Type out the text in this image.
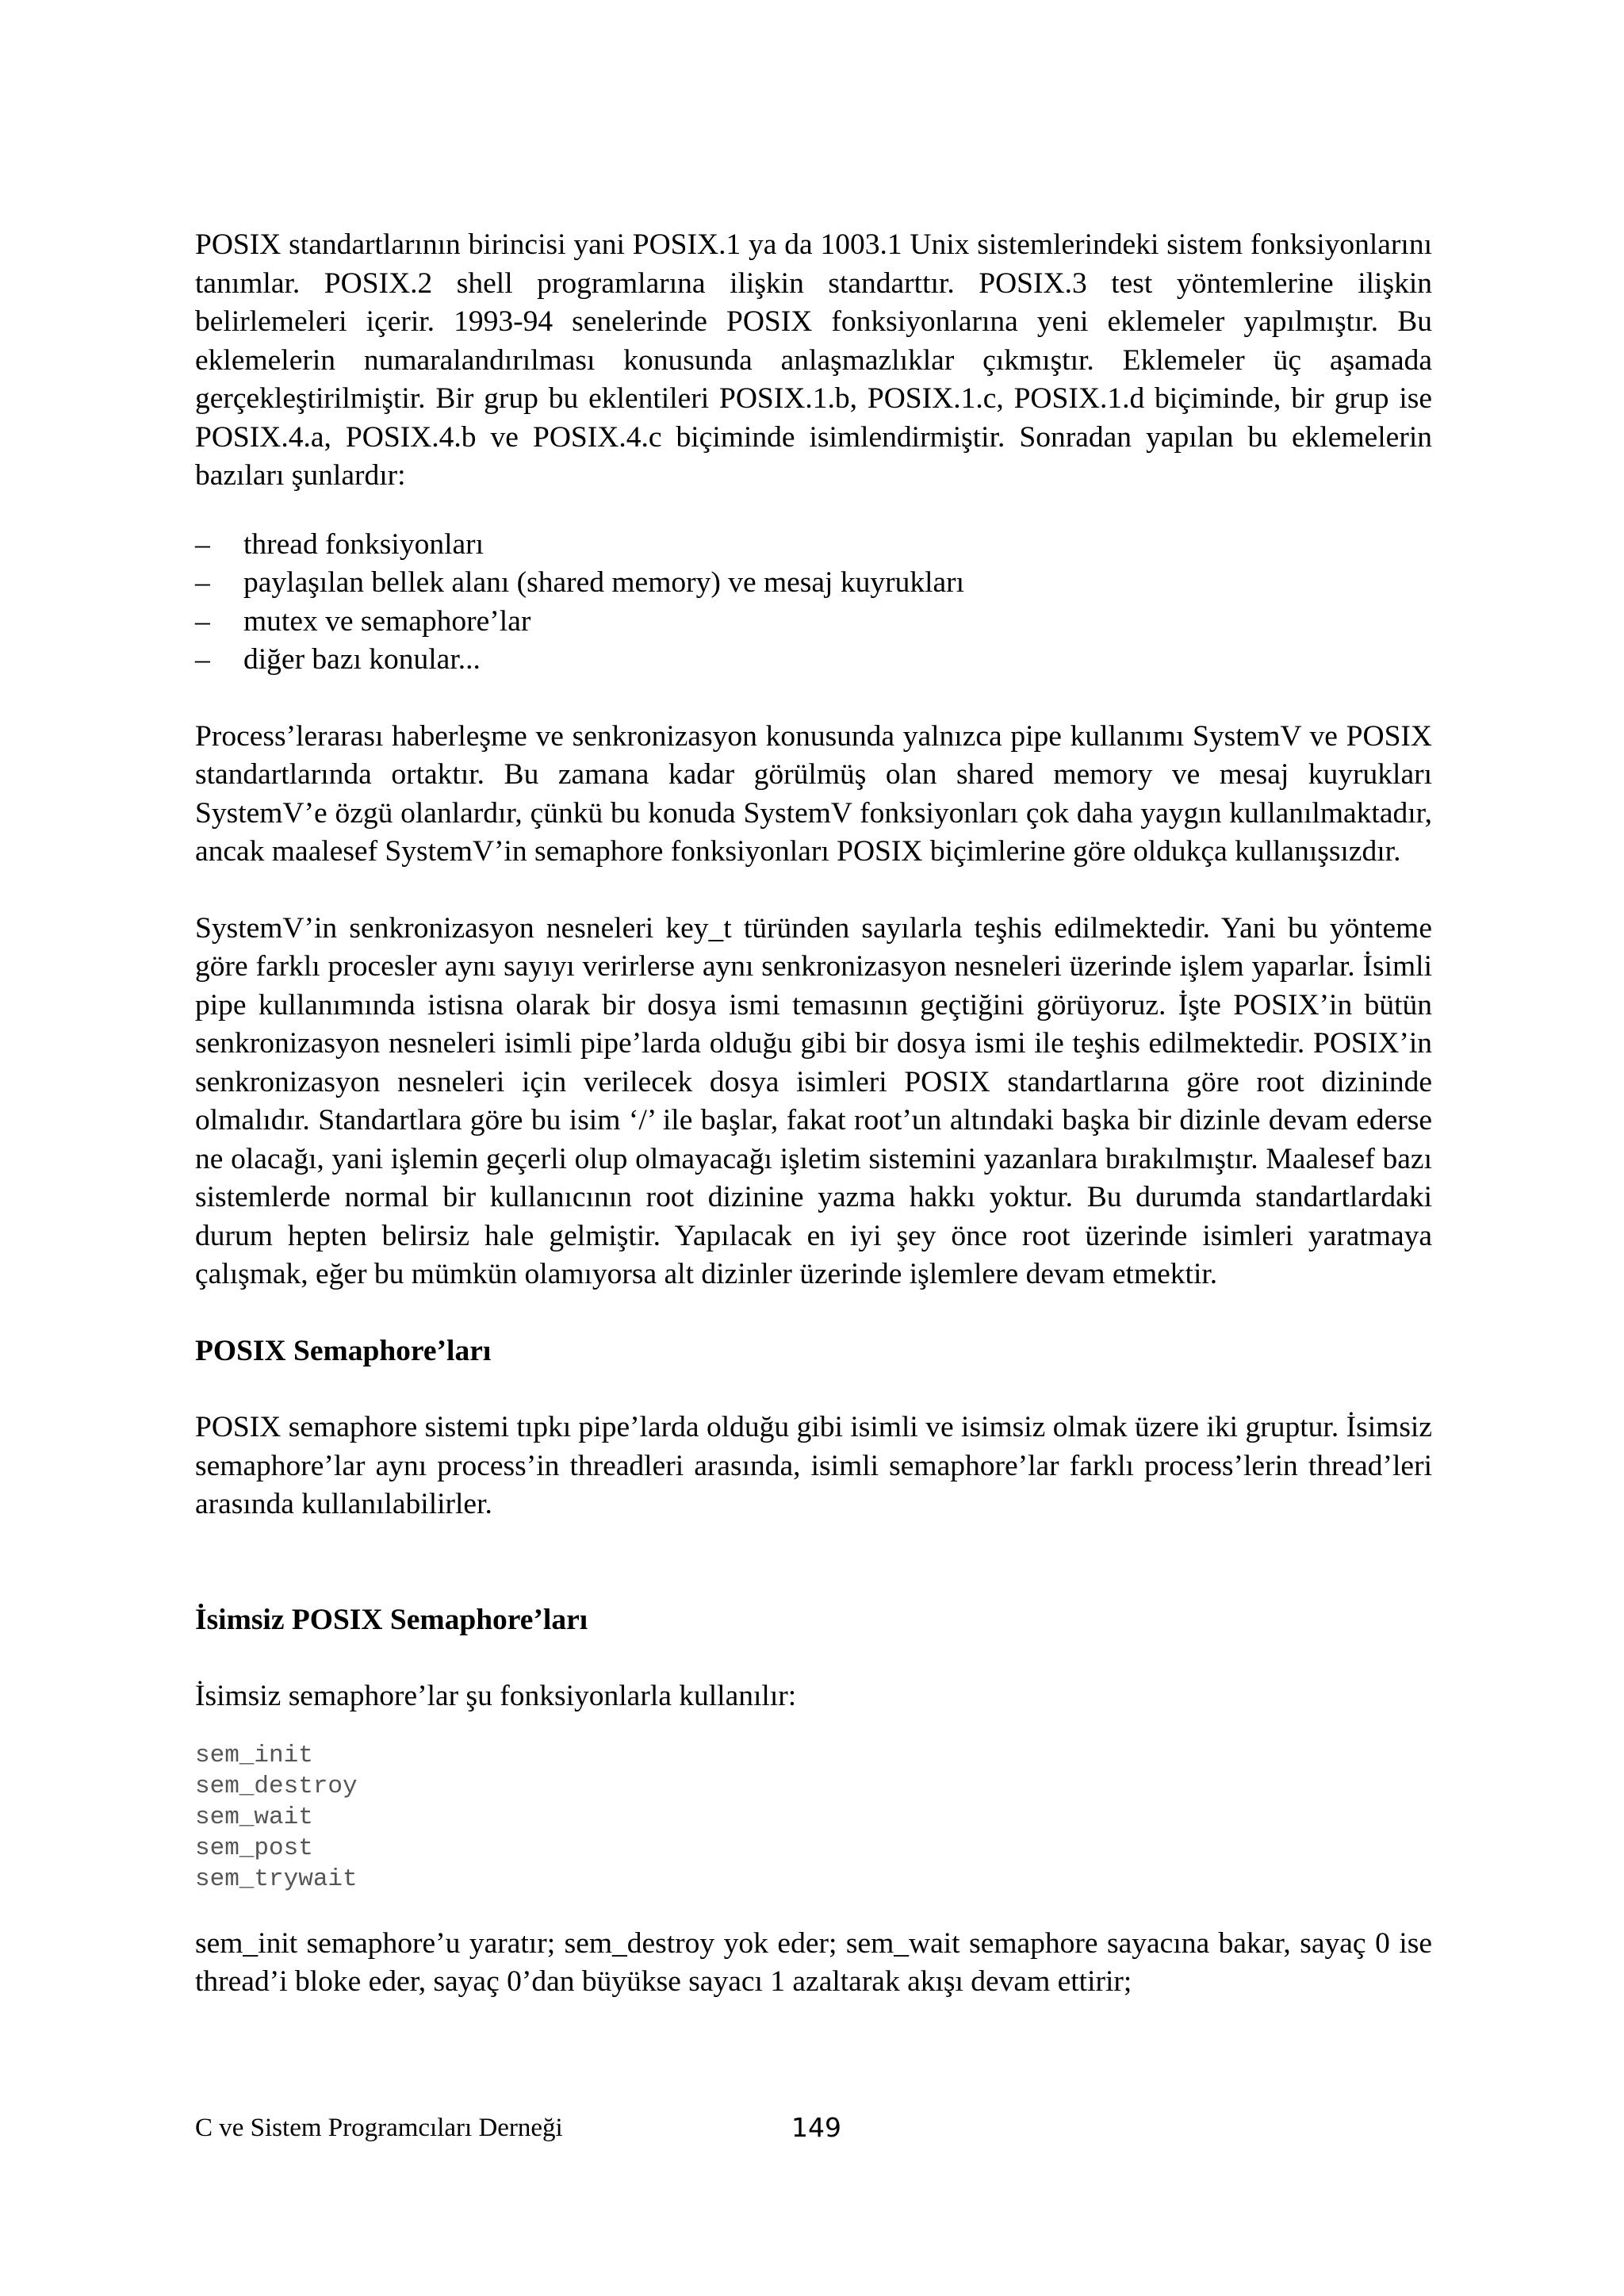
POSIX standartlarının birincisi yani POSIX.1 ya da 1003.1 Unix sistemlerindeki sistem fonksiyonlarını tanımlar. POSIX.2 shell programlarına ilişkin standarttır. POSIX.3 test yöntemlerine ilişkin belirlemeleri içerir. 1993-94 senelerinde POSIX fonksiyonlarına yeni eklemeler yapılmıştır. Bu eklemelerin numaralandırılması konusunda anlaşmazlıklar çıkmıştır. Eklemeler üç aşamada gerçekleştirilmiştir. Bir grup bu eklentileri POSIX.1.b, POSIX.1.c, POSIX.1.d biçiminde, bir grup ise POSIX.4.a, POSIX.4.b ve POSIX.4.c biçiminde isimlendirmiştir. Sonradan yapılan bu eklemelerin bazıları şunlardır:

– thread fonksiyonları
– paylaşılan bellek alanı (shared memory) ve mesaj kuyrukları
– mutex ve semaphore’lar
– diğer bazı konular...

Process’lerarası haberleşme ve senkronizasyon konusunda yalnızca pipe kullanımı SystemV ve POSIX standartlarında ortaktır. Bu zamana kadar görülmüş olan shared memory ve mesaj kuyrukları SystemV’e özgü olanlardır, çünkü bu konuda SystemV fonksiyonları çok daha yaygın kullanılmaktadır, ancak maalesef SystemV’in semaphore fonksiyonları POSIX biçimlerine göre oldukça kullanışsızdır.

SystemV’in senkronizasyon nesneleri key_t türünden sayılarla teşhis edilmektedir. Yani bu yönteme göre farklı procesler aynı sayıyı verirlerse aynı senkronizasyon nesneleri üzerinde işlem yaparlar. İsimli pipe kullanımında istisna olarak bir dosya ismi temasının geçtiğini görüyoruz. İşte POSIX’in bütün senkronizasyon nesneleri isimli pipe’larda olduğu gibi bir dosya ismi ile teşhis edilmektedir. POSIX’in senkronizasyon nesneleri için verilecek dosya isimleri POSIX standartlarına göre root dizininde olmalıdır. Standartlara göre bu isim ‘/’ ile başlar, fakat root’un altındaki başka bir dizinle devam ederse ne olacağı, yani işlemin geçerli olup olmayacağı işletim sistemini yazanlara bırakılmıştır. Maalesef bazı sistemlerde normal bir kullanıcının root dizinine yazma hakkı yoktur. Bu durumda standartlardaki durum hepten belirsiz hale gelmiştir. Yapılacak en iyi şey önce root üzerinde isimleri yaratmaya çalışmak, eğer bu mümkün olamıyorsa alt dizinler üzerinde işlemlere devam etmektir.

POSIX Semaphore’ları

POSIX semaphore sistemi tıpkı pipe’larda olduğu gibi isimli ve isimsiz olmak üzere iki gruptur. İsimsiz semaphore’lar aynı process’in threadleri arasında, isimli semaphore’lar farklı process’lerin thread’leri arasında kullanılabilirler.

İsimsiz POSIX Semaphore’ları

İsimsiz semaphore’lar şu fonksiyonlarla kullanılır:

sem_init
sem_destroy
sem_wait
sem_post
sem_trywait

sem_init semaphore’u yaratır; sem_destroy yok eder; sem_wait semaphore sayacına bakar, sayaç 0 ise thread’i bloke eder, sayaç 0’dan büyükse sayacı 1 azaltarak akışı devam ettirir;

C ve Sistem Programcıları Derneği	149
